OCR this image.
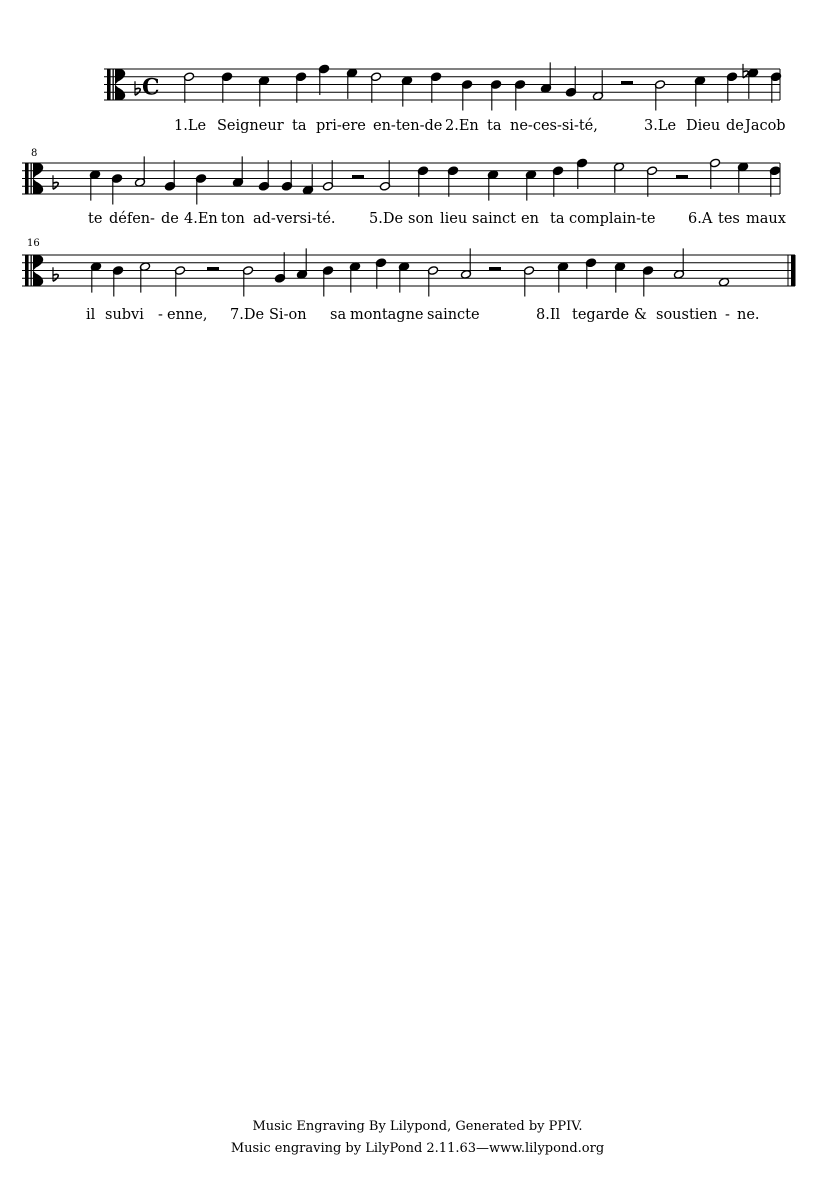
C
8
16
1.Le Seigneur ta pri-ere en-ten-de 2.En ta ne-ces-si-té,	3.Le Dieu de Jacob
te défen - de 4.En ton ad-versi-té. 5.De son lieu sainct en ta complain-te 6.A tes maux
il subvi - enne, 7.De Si-on sa montagne saincte	8.Il tegarde & soustien - ne.
Music Engraving By Lilypond, Generated by PPIV.
Music engraving by LilyPond 2.11.63—www.lilypond.org
